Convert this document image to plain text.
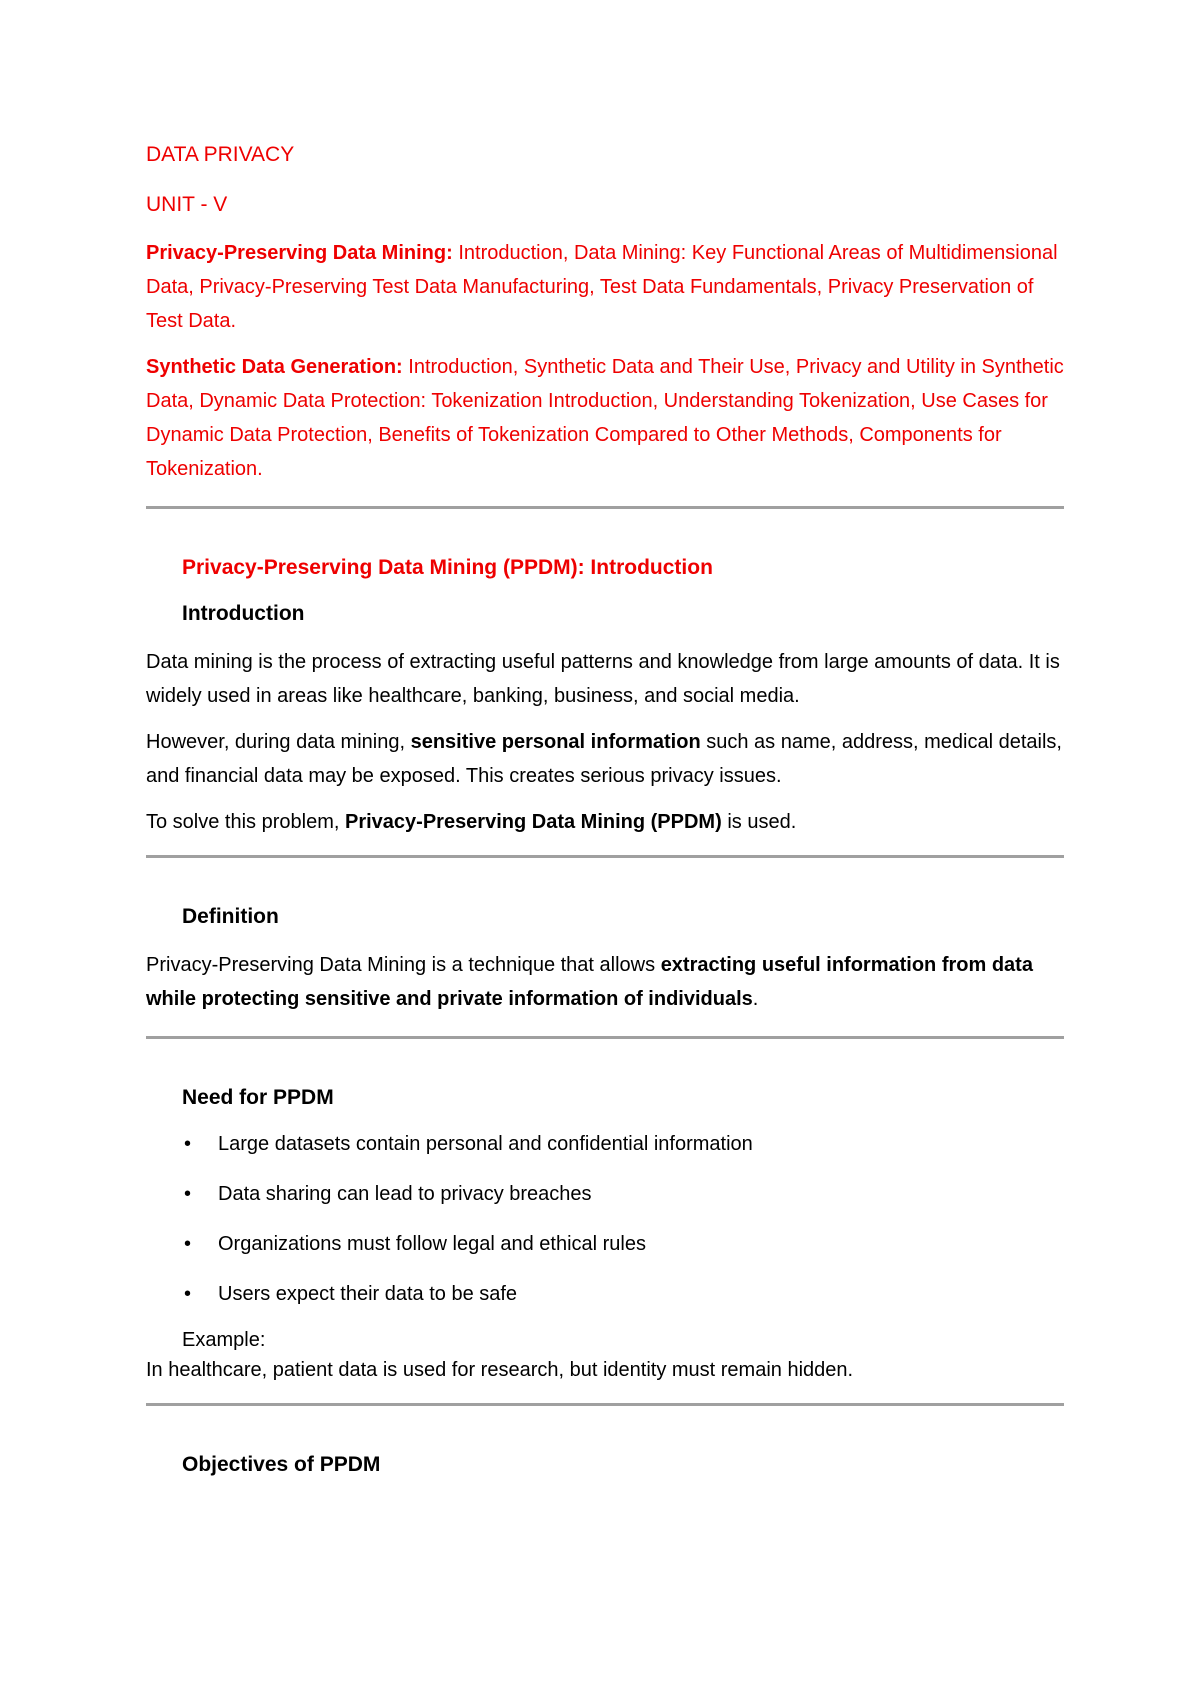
DATA PRIVACY

UNIT - V

Privacy-Preserving Data Mining: Introduction, Data Mining: Key Functional Areas of Multidimensional Data, Privacy-Preserving Test Data Manufacturing, Test Data Fundamentals, Privacy Preservation of Test Data.

Synthetic Data Generation: Introduction, Synthetic Data and Their Use, Privacy and Utility in Synthetic Data, Dynamic Data Protection: Tokenization Introduction, Understanding Tokenization, Use Cases for Dynamic Data Protection, Benefits of Tokenization Compared to Other Methods, Components for Tokenization.

Privacy-Preserving Data Mining (PPDM): Introduction

Introduction

Data mining is the process of extracting useful patterns and knowledge from large amounts of data. It is widely used in areas like healthcare, banking, business, and social media.

However, during data mining, sensitive personal information such as name, address, medical details, and financial data may be exposed. This creates serious privacy issues.

To solve this problem, Privacy-Preserving Data Mining (PPDM) is used.

Definition

Privacy-Preserving Data Mining is a technique that allows extracting useful information from data while protecting sensitive and private information of individuals.

Need for PPDM

• Large datasets contain personal and confidential information
• Data sharing can lead to privacy breaches
• Organizations must follow legal and ethical rules
• Users expect their data to be safe

Example:

In healthcare, patient data is used for research, but identity must remain hidden.

Objectives of PPDM
